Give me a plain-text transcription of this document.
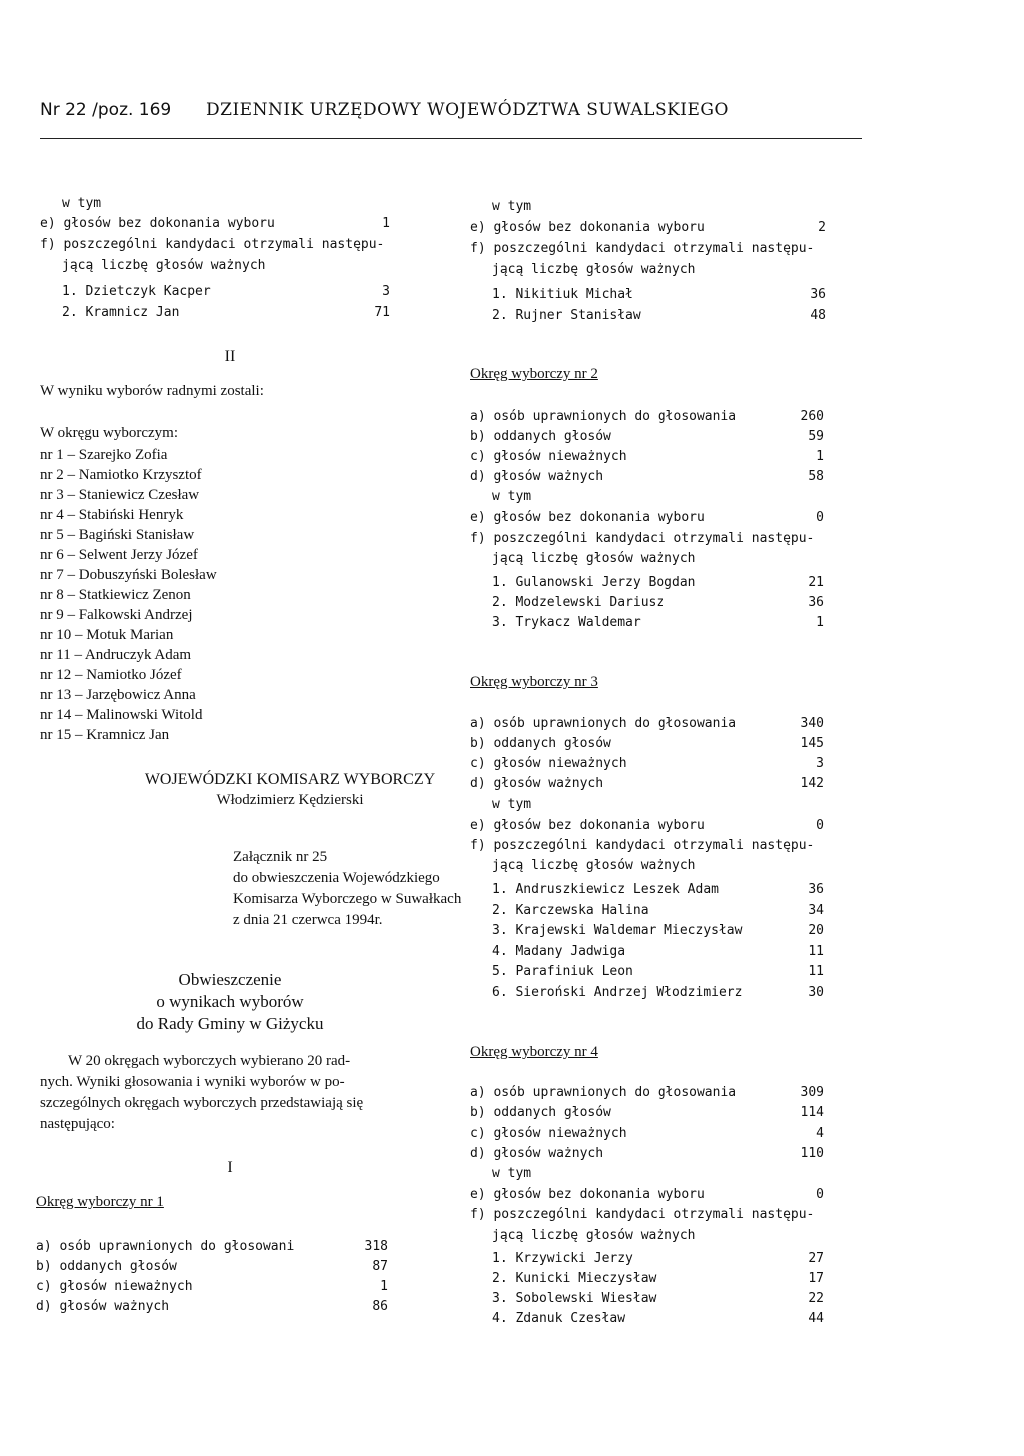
Nr 22 /poz. 169 DZIENNIK URZĘDOWY WOJEWÓDZTWA SUWALSKIEGO
w tym
e) głosów bez dokonania wyboru	1
f) poszczególni kandydaci otrzymali następu-
jącą liczbę głosów ważnych
1. Dzietczyk Kacper	3
2. Kramnicz Jan	71
w tym
e) głosów bez dokonania wyboru	2
f) poszczególni kandydaci otrzymali następu-
jącą liczbę głosów ważnych
1. Nikitiuk Michał	36
2. Rujner Stanisław	48
II
W wyniku wyborów radnymi zostali:
W okręgu wyborczym:
nr 1 – Szarejko Zofia
nr 2 – Namiotko Krzysztof
nr 3 – Staniewicz Czesław
nr 4 – Stabiński Henryk
nr 5 – Bagiński Stanisław
nr 6 – Selwent Jerzy Józef
nr 7 – Dobuszyński Bolesław
nr 8 – Statkiewicz Zenon
nr 9 – Falkowski Andrzej
nr 10 – Motuk Marian
nr 11 – Andruczyk Adam
nr 12 – Namiotko Józef
nr 13 – Jarzębowicz Anna
nr 14 – Malinowski Witold
nr 15 – Kramnicz Jan
WOJEWÓDZKI KOMISARZ WYBORCZY
Włodzimierz Kędzierski
Załącznik nr 25
do obwieszczenia Wojewódzkiego
Komisarza Wyborczego w Suwałkach
z dnia 21 czerwca 1994r.
Obwieszczenie
o wynikach wyborów
do Rady Gminy w Giżycku
W 20 okręgach wyborczych wybierano 20 rad-
nych. Wyniki głosowania i wyniki wyborów w po-
szczególnych okręgach wyborczych przedstawiają się
następująco:
I
Okręg wyborczy nr 1
a) osób uprawnionych do głosowani	318
b) oddanych głosów	87
c) głosów nieważnych	1
d) głosów ważnych	86
Okręg wyborczy nr 2
a) osób uprawnionych do głosowania	260
b) oddanych głosów	59
c) głosów nieważnych	1
d) głosów ważnych	58
w tym
e) głosów bez dokonania wyboru	0
f) poszczególni kandydaci otrzymali następu-
jącą liczbę głosów ważnych
1. Gulanowski Jerzy Bogdan	21
2. Modzelewski Dariusz	36
3. Trykacz Waldemar	1
Okręg wyborczy nr 3
a) osób uprawnionych do głosowania	340
b) oddanych głosów	145
c) głosów nieważnych	3
d) głosów ważnych	142
w tym
e) głosów bez dokonania wyboru	0
f) poszczególni kandydaci otrzymali następu-
jącą liczbę głosów ważnych
1. Andruszkiewicz Leszek Adam	36
2. Karczewska Halina	34
3. Krajewski Waldemar Mieczysław	20
4. Madany Jadwiga	11
5. Parafiniuk Leon	11
6. Sieroński Andrzej Włodzimierz	30
Okręg wyborczy nr 4
a) osób uprawnionych do głosowania	309
b) oddanych głosów	114
c) głosów nieważnych	4
d) głosów ważnych	110
w tym
e) głosów bez dokonania wyboru	0
f) poszczególni kandydaci otrzymali następu-
jącą liczbę głosów ważnych
1. Krzywicki Jerzy	27
2. Kunicki Mieczysław	17
3. Sobolewski Wiesław	22
4. Zdanuk Czesław	44
